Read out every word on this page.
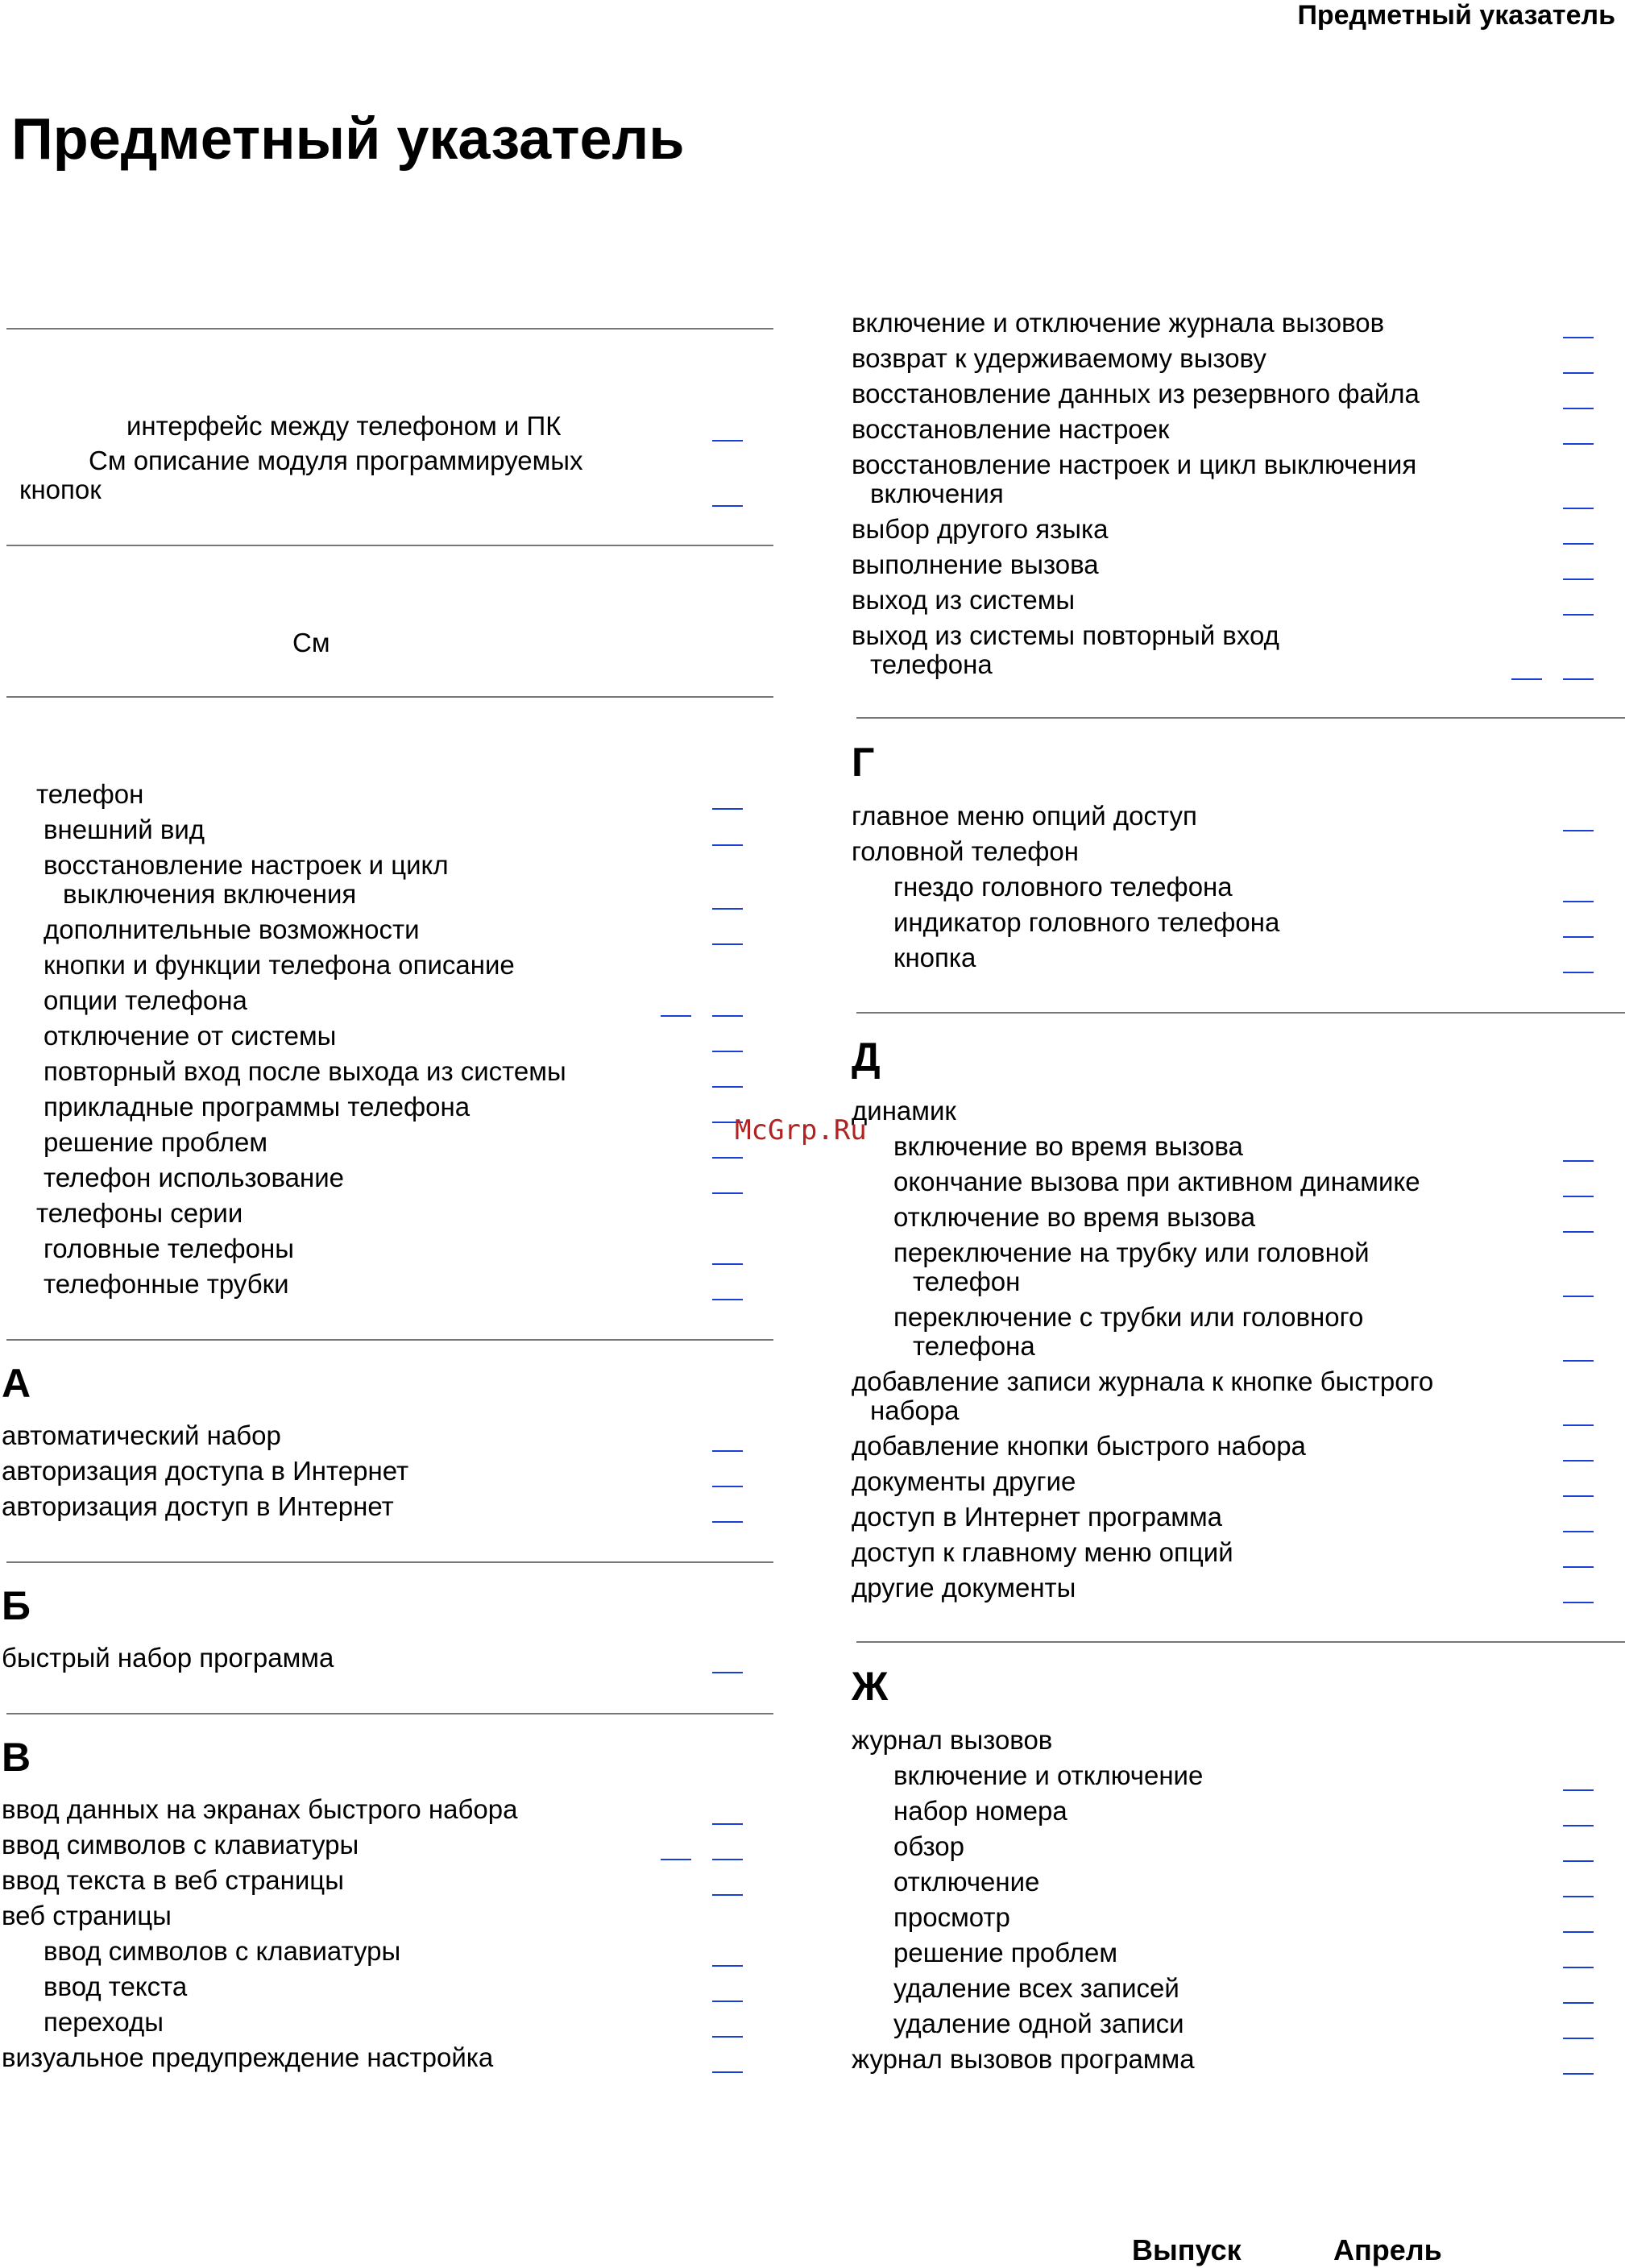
Предметный указатель
Предметный указатель
интерфейс между телефоном и ПК
См описание модуля программируемых
кнопок
См
телефон
внешний вид
восстановление настроек и цикл
выключения включения
дополнительные возможности
кнопки и функции телефона описание
опции телефона
отключение от системы
повторный вход после выхода из системы
прикладные программы телефона
решение проблем
телефон использование
телефоны серии
головные телефоны
телефонные трубки
А
автоматический набор
авторизация доступа в Интернет
авторизация доступ в Интернет
Б
быстрый набор программа
В
ввод данных на экранах быстрого набора
ввод символов с клавиатуры
ввод текста в веб страницы
веб страницы
ввод символов с клавиатуры
ввод текста
переходы
визуальное предупреждение настройка
включение и отключение журнала вызовов
возврат к удерживаемому вызову
восстановление данных из резервного файла
восстановление настроек
восстановление настроек и цикл выключения
включения
выбор другого языка
выполнение вызова
выход из системы
выход из системы повторный вход
телефона
Г
главное меню опций доступ
головной телефон
гнездо головного телефона
индикатор головного телефона
кнопка
Д
динамик
включение во время вызова
окончание вызова при активном динамике
отключение во время вызова
переключение на трубку или головной
телефон
переключение с трубки или головного
телефона
добавление записи журнала к кнопке быстрого
набора
добавление кнопки быстрого набора
документы другие
доступ в Интернет программа
доступ к главному меню опций
другие документы
Ж
журнал вызовов
включение и отключение
набор номера
обзор
отключение
просмотр
решение проблем
удаление всех записей
удаление одной записи
журнал вызовов программа
McGrp.Ru
Выпуск	Апрель
